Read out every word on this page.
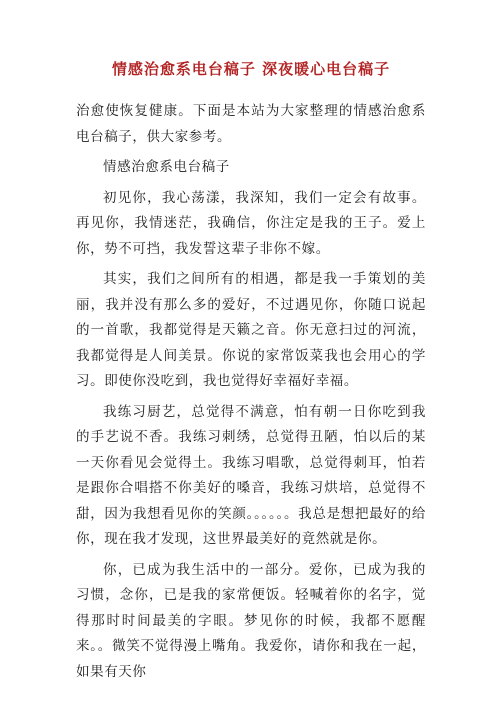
情感治愈系电台稿子 深夜暖心电台稿子

治愈使恢复健康。下面是本站为大家整理的情感治愈系电台稿子，供大家参考。

情感治愈系电台稿子

初见你，我心荡漾，我深知，我们一定会有故事。再见你，我情迷茫，我确信，你注定是我的王子。爱上你，势不可挡，我发誓这辈子非你不嫁。

其实，我们之间所有的相遇，都是我一手策划的美丽，我并没有那么多的爱好，不过遇见你，你随口说起的一首歌，我都觉得是天籁之音。你无意扫过的河流，我都觉得是人间美景。你说的家常饭菜我也会用心的学习。即使你没吃到，我也觉得好幸福好幸福。

我练习厨艺，总觉得不满意，怕有朝一日你吃到我的手艺说不香。我练习刺绣，总觉得丑陋，怕以后的某一天你看见会觉得土。我练习唱歌，总觉得刺耳，怕若是跟你合唱搭不你美好的嗓音，我练习烘培，总觉得不甜，因为我想看见你的笑颜。。。。。。我总是想把最好的给你，现在我才发现，这世界最美好的竟然就是你。

你，已成为我生活中的一部分。爱你，已成为我的习惯，念你，已是我的家常便饭。轻喊着你的名字，觉得那时时间最美的字眼。梦见你的时候，我都不愿醒来。。微笑不觉得漫上嘴角。我爱你，请你和我在一起，如果有天你
